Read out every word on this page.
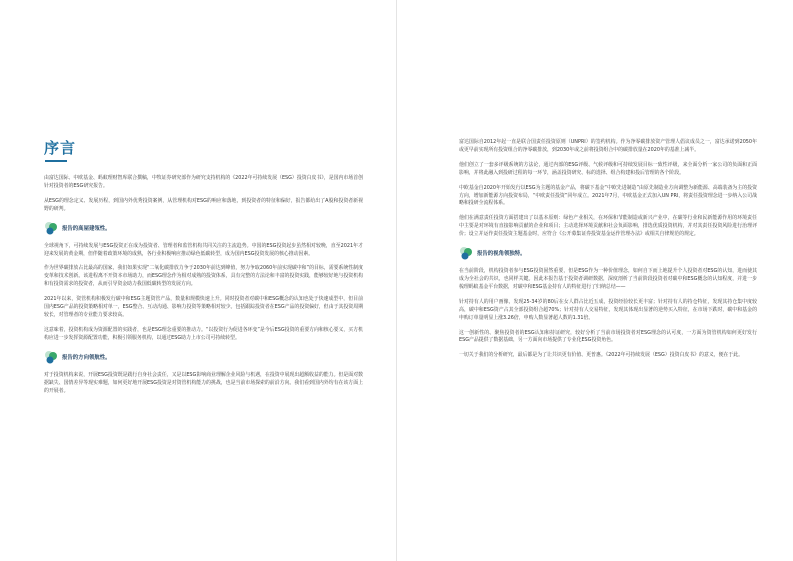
序言

由富达国际、中欧基金、蚂蚁理财智库联合撰稿，中牧证券研究部作为研究支持机构的《2022年可持续发展（ESG）投资白皮书》，是国内市场首创针对投资者的ESG研究报告。

从ESG的理念定义、发展历程，到国内外优秀投资案例，从管理机构对ESG的响应和落地，到投资者的特征和偏好，报告都给出了A股和投资者新视野的研判。

报告的高屋建瓴性。

全球视角下，可持续发展与ESG投资正在成为投资者、管理者和监管机构共同关注的主流趋势。中国的ESG投资起步虽然相对较晚，直至2021年才迎来发展的黄金期，但伴随着政策环境的成熟，各行业积极响应推动绿色低碳转型，成为国内ESG投资发展的核心推动因素。

作为世界碳排放占比最高的国家，我们如果实现“二氧化碳排放力争于2030年前达到峰值，努力争取2060年前实现碳中和”的目标，需要系统性制度变革和技术创新。该进程离不开资本市场助力，而ESG理念作为相对成熟的投资体系，具有完整的方法论和丰富的投资实践，能够较好地与投资机构和有投资需求的投资者，从而引导资金助力我国低碳转型的发展方向。

2021年以来，资管机构积极发行碳中和ESG主题资管产品，数量和规模快速上升。同时投资者对碳中和ESG概念的认知也处于快速成型中，但目前国内ESG产品的投资策略相对单一，ESG整合、互动沟通、影响力投资等策略相对较少。包括跟踪投资者在ESG产品的投资偏好，但由于其投资周期较长，对管理者的专业能力要求较高。

这意味着，投资机构成为资源配置的实践者，也是ESG理念重要的推动力。“以投资行为促进各环变”是今后ESG投资的重要方向和核心要义，买方机构应进一步发挥资源配置功能，积极引领服务机构，以通过ESG助力上市公司可持续转型。

报告的方向领航性。

对于投资机构来说，开展ESG投资既是践行自身社会责任，又是以ESG影响商业理解企业风险与机遇，在投资中展现出超额收益的能力。但是面对数据缺失、国情差异等现实难题，如何更好地开展ESG投资是对资管机构能力的挑战，也是当前市场探索的前沿方向。我们看到国内外均有在该方面上的开展者。

富达国际自2012年起一直是联合国责任投资原则（UNPRI）的签约机构。作为净零碳排放资产管理人倡议成员之一，富达承诺到2050年或更早前实现所有投资组合的净零碳排放，到2030年或之前将投资组合中的碳排放量在2020年的基准上减半。

他们创立了一套多评级系统的方法论，通过内部的ESG评级、气候评级和可持续发展目标一致性评级，来全面分析一家公司的负面和正面影响，并将此融入到投研过程的每一环节，涵盖投资研究、标的选择、组合构建和投后管理的各个阶段。

中欧基金自2020年开始发行以ESG为主题的基金产品，将碳下基金“中欧先进制造”由原先制造业方向调整为新能源、高端装备为主的投资方向，增加新能源方向投资布局，“中欧责任投资”同年成立。2021年7月，中欧基金正式加入UN PRI，将责任投资理念进一步纳入公司战略和投研全流程体系。

他们在满意责任投资方面搭建出了以基本原则：绿色产业相关，在环保和节能制造或新兴产业中，在碳等行业和民新能源作用的环境责任中主要是对环境有直接影响贡献的企业和项目；主动选择环境贡献和社会负面影响，排选优质投资机构，并对其责任投资风险进行治理评价；设立并运作责任投资主题基金时，应符合《公开募集证券投资基金运作管理办法》或相关自律规范的规定。

报告的视角领独特。

在当前阶段，机构投资者参与ESG投资固然重要，但是ESG作为一种价值理念，如何自下而上地提升个人投资者对ESG的认知，进而使其成为全社会的共识，也同样关键。因此本报告基于投资者调研数据，深度剖析了当前阶段投资者对碳中和ESG概念的认知程度，并进一步梳理蚂蚁基金平台数据，对碳中和ESG基金持有人的特征进行了归纳总结——

针对持有人的用户画像，发现25-34岁的80后在女人群占比近五成，投资经验较长更丰富；针对持有人的持仓特征，发现其持仓集中度较高，碳中和ESG资产占其全部投资组合超70%；针对持有人交易特征，发现其体现出显著的逆势买入特征，在市场下跌时，碳中和基金的申购订单量明显上涨3.26倍，申购人数显著超人数的1.31倍。

这一创新性的、聚焦投资者的ESG认知和持证研究，较好分析了当前市场投资者对ESG理念的认可度，一方面为资管机构如何更好发行ESG产品提供了数据基础，另一方面向市场提供了专业化ESG投资角色。

一切关于我们的分析研究，最后都是为了让共识更有价值、更普惠。《2022年可持续发展（ESG）投资白皮书》的意义，便在于此。
